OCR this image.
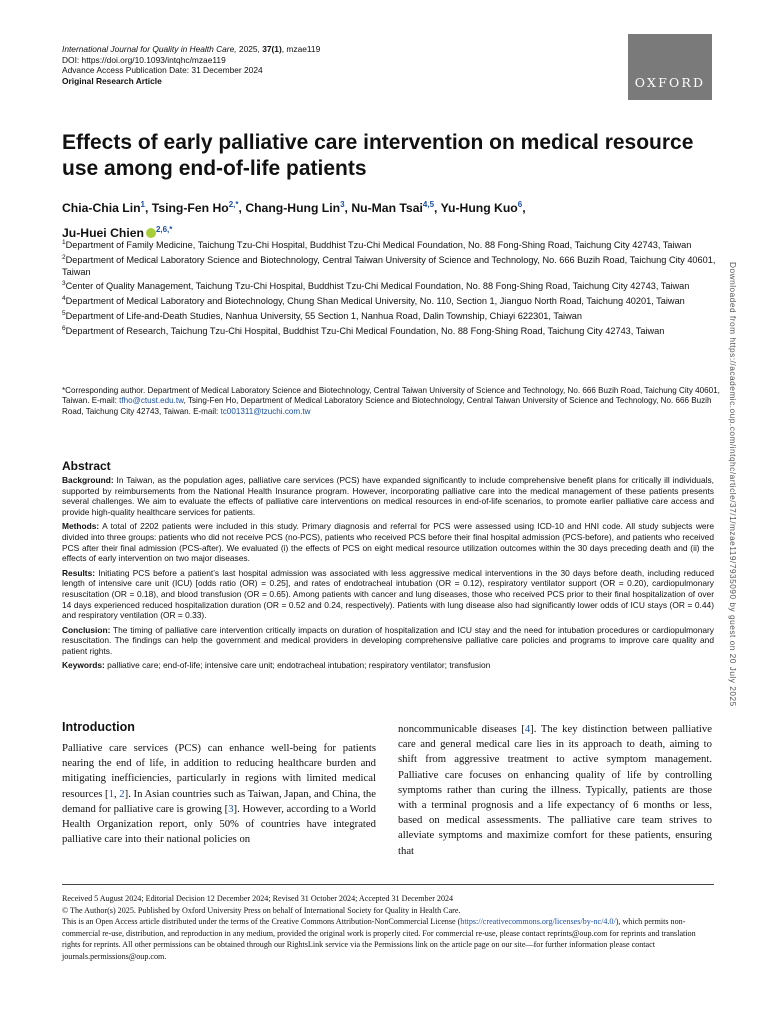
International Journal for Quality in Health Care, 2025, 37(1), mzae119
DOI: https://doi.org/10.1093/intqhc/mzae119
Advance Access Publication Date: 31 December 2024
Original Research Article	OXFORD
Effects of early palliative care intervention on medical resource use among end-of-life patients
Chia-Chia Lin$^1$, Tsing-Fen $Ho^{2,*}$, Chang-Hung Lin$^3$, Nu-Man Tsai$^{4,5}$, Yu-Hung Kuo$^6$,
Ju-Huei Chien $^{2,6,*}$

$^1$Department of Family Medicine, Taichung Tzu-Chi Hospital, Buddhist Tzu-Chi Medical Foundation, No. 88 Fong-Shing Road, Taichung City 42743, Taiwan

$^2$Department of Medical Laboratory Science and Biotechnology, Central Taiwan University of Science and Technology, No. 666 Buzih Road, Taichung City 40601, Taiwan

$^3$Center of Quality Management, Taichung Tzu-Chi Hospital, Buddhist Tzu-Chi Medical Foundation, No. 88 Fong-Shing Road, Taichung City 42743, Taiwan

$^4$Department of Medical Laboratory and Biotechnology, Chung Shan Medical University, No. 110, Section 1, Jianguo North Road, Taichung 40201, Taiwan

$^5$Department of Life-and-Death Studies, Nanhua University, 55 Section 1, Nanhua Road, Dalin Township, Chiayi 622301, Taiwan

$^6$Department of Research, Taichung Tzu-Chi Hospital, Buddhist Tzu-Chi Medical Foundation, No. 88 Fong-Shing Road, Taichung City 42743, Taiwan

*Corresponding author. Department of Medical Laboratory Science and Biotechnology, Central Taiwan University of Science and Technology, No. 666 Buzih Road, Taichung City 40601, Taiwan. E-mail: tfho@ctust.edu.tw, Tsing-Fen Ho, Department of Medical Laboratory Science and Biotechnology, Central Taiwan University of Science and Technology, No. 666 Buzih Road, Taichung City 42743, Taiwan. E-mail: tc001311@tzuchi.com.tw
Abstract

Background: In Taiwan, as the population ages, palliative care services (PCS) have expanded significantly to include comprehensive benefit plans for critically ill individuals, supported by reimbursements from the National Health Insurance program. However, incorporating palliative care into the medical management of these patients presents several challenges. We aim to evaluate the effects of palliative care interventions on medical resources in end-of-life scenarios, to promote earlier palliative care access and provide high-quality healthcare services for patients.

Methods: A total of 2202 patients were included in this study. Primary diagnosis and referral for PCS were assessed using ICD-10 and HNI code. All study subjects were divided into three groups: patients who did not receive PCS (no-PCS), patients who received PCS before their final hospital admission (PCS-before), and patients who received PCS after their final admission (PCS-after). We evaluated (i) the effects of PCS on eight medical resource utilization outcomes within the 30 days preceding death and (ii) the effects of early intervention on two major diseases.

Results: Initiating PCS before a patient’s last hospital admission was associated with less aggressive medical interventions in the 30 days before death, including reduced length of intensive care unit (ICU) [odds ratio (OR) = 0.25], and rates of endotracheal intubation (OR = 0.12), respiratory ventilator support (OR = 0.20), cardiopulmonary resuscitation (OR = 0.18), and blood transfusion (OR = 0.65). Among patients with cancer and lung diseases, those who received PCS prior to their final hospitalization of over 14 days experienced reduced hospitalization duration (OR = 0.52 and 0.24, respectively). Patients with lung disease also had significantly lower odds of ICU stays (OR = 0.44) and respiratory ventilation (OR = 0.33).

Conclusion: The timing of palliative care intervention critically impacts on duration of hospitalization and ICU stay and the need for intubation procedures or cardiopulmonary resuscitation. The findings can help the government and medical providers in developing comprehensive palliative care policies and programs to improve care quality and patient rights.

Keywords: palliative care; end-of-life; intensive care unit; endotracheal intubation; respiratory ventilator; transfusion

Introduction
Palliative care services (PCS) can enhance well-being for patients nearing the end of life, in addition to reducing healthcare burden and mitigating inefficiencies, particularly in regions with limited medical resources [1, 2]. In Asian countries such as Taiwan, Japan, and China, the demand for palliative care is growing [3]. However, according to a World Health Organization report, only 50% of countries have integrated palliative care into their national policies on
noncommunicable diseases [4]. The key distinction between palliative care and general medical care lies in its approach to death, aiming to shift from aggressive treatment to active symptom management. Palliative care focuses on enhancing quality of life by controlling symptoms rather than curing the illness. Typically, patients are those with a terminal prognosis and a life expectancy of 6 months or less, based on medical assessments. The palliative care team strives to alleviate symptoms and maximize comfort for these patients, ensuring that

Received 5 August 2024; Editorial Decision 12 December 2024; Revised 31 October 2024; Accepted 31 December 2024

© The Author(s) 2025. Published by Oxford University Press on behalf of International Society for Quality in Health Care.

This is an Open Access article distributed under the terms of the Creative Commons Attribution-NonCommercial License (https://creativecommons.org/licenses/by-nc/4.0/), which permits non-commercial re-use, distribution, and reproduction in any medium, provided the original work is properly cited. For commercial re-use, please contact reprints@oup.com for reprints and translation rights for reprints. All other permissions can be obtained through our RightsLink service via the Permissions link on the article page on our site—for further information please contact journals.permissions@oup.com.

Downloaded from https://academic.oup.com/intqhc/article/37/1/mzae119/7935090 by guest on 20 July 2025
